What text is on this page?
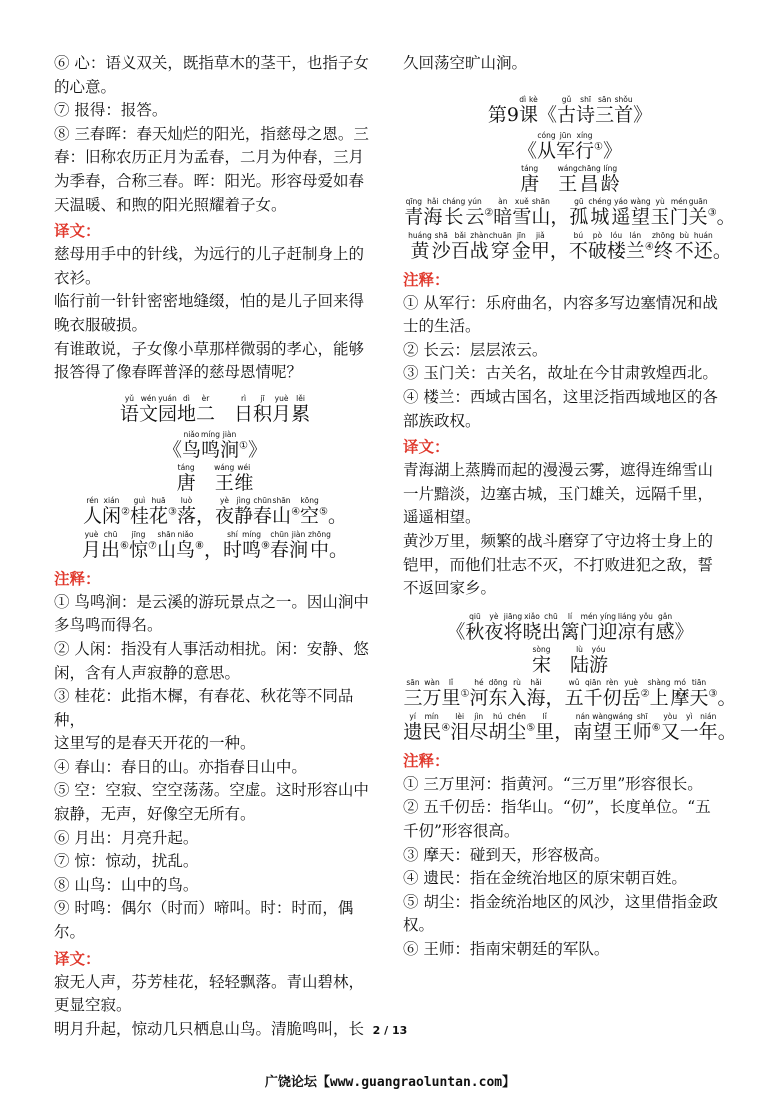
⑥ 心：语义双关，既指草木的茎干，也指子女

的心意。

⑦ 报得：报答。

⑧ 三春晖：春天灿烂的阳光，指慈母之恩。三

春：旧称农历正月为孟春，二月为仲春，三月

为季春，合称三春。晖：阳光。形容母爱如春

天温暖、和煦的阳光照耀着子女。

译文：

慈母用手中的针线，为远行的儿子赶制身上的

衣衫。

临行前一针针密密地缝缀，怕的是儿子回来得

晚衣服破损。

有谁敢说，子女像小草那样微弱的孝心，能够

报答得了像春晖普泽的慈母恩情呢？

语yǔ文wén园yuán地dì二èr　日rì积jī月yuè累lěi
《鸟niǎo鸣míng涧jiàn①》
唐táng　王wáng维wéi
人rén闲xián②桂guì花huā③落luò，夜yè静jìng春chūn山shān④空kōng⑤。
月yuè出chū⑥惊jīng⑦山shān鸟niǎo⑧，时shí鸣míng⑨春chūn涧jiàn中zhōng。
注释：

① 鸟鸣涧：是云溪的游玩景点之一。因山涧中

多鸟鸣而得名。

② 人闲：指没有人事活动相扰。闲：安静、悠

闲，含有人声寂静的意思。

③ 桂花：此指木樨，有春花、秋花等不同品种，

这里写的是春天开花的一种。

④ 春山：春日的山。亦指春日山中。

⑤ 空：空寂、空空荡荡。空虚。这时形容山中

寂静，无声，好像空无所有。

⑥ 月出：月亮升起。

⑦ 惊：惊动，扰乱。

⑧ 山鸟：山中的鸟。

⑨ 时鸣：偶尔（时而）啼叫。时：时而，偶尔。

译文：

寂无人声，芬芳桂花，轻轻飘落。青山碧林，

更显空寂。

明月升起，惊动几只栖息山鸟。清脆鸣叫，长

久回荡空旷山涧。

第9课dì kè《古gǔ诗shī三sān首shǒu》
《从cóng军jūn行xíng①》
唐táng　王wáng昌chāng龄líng
青qīng海hǎi长cháng云yún②暗àn雪xuě山shān，孤gū城chéng遥yáo望wàng玉yù门mén关guān③。
黄huáng沙shā百bǎi战zhàn穿chuān金jīn甲jiǎ，不bú破pò楼lóu兰lán④终zhōng不bù还huán。
注释：

① 从军行：乐府曲名，内容多写边塞情况和战

士的生活。

② 长云：层层浓云。

③ 玉门关：古关名，故址在今甘肃敦煌西北。

④ 楼兰：西域古国名，这里泛指西域地区的各

部族政权。

译文：

青海湖上蒸腾而起的漫漫云雾，遮得连绵雪山

一片黯淡，边塞古城，玉门雄关，远隔千里，

遥遥相望。

黄沙万里，频繁的战斗磨穿了守边将士身上的

铠甲，而他们壮志不灭，不打败进犯之敌，誓

不返回家乡。

《秋qiū夜yè将jiāng晓xiǎo出chū篱lí门mén迎yíng凉liáng有yǒu感gǎn》
宋sòng　陆lù游yóu
三sān万wàn里lǐ①河hé东dōng入rù海hǎi，五wǔ千qiān仞rèn岳yuè②上shàng摩mó天tiān③。
遗yí民mín④泪lèi尽jìn胡hú尘chén⑤里lǐ，南nán望wàng王wáng师shī⑥又yòu一yì年nián。
注释：

① 三万里河：指黄河。“三万里”形容很长。

② 五千仞岳：指华山。“仞”，长度单位。“五

千仞”形容很高。

③ 摩天：碰到天，形容极高。

④ 遗民：指在金统治地区的原宋朝百姓。

⑤ 胡尘：指金统治地区的风沙，这里借指金政

权。

⑥ 王师：指南宋朝廷的军队。

2 / 13
广饶论坛【www.guangraoluntan.com】
